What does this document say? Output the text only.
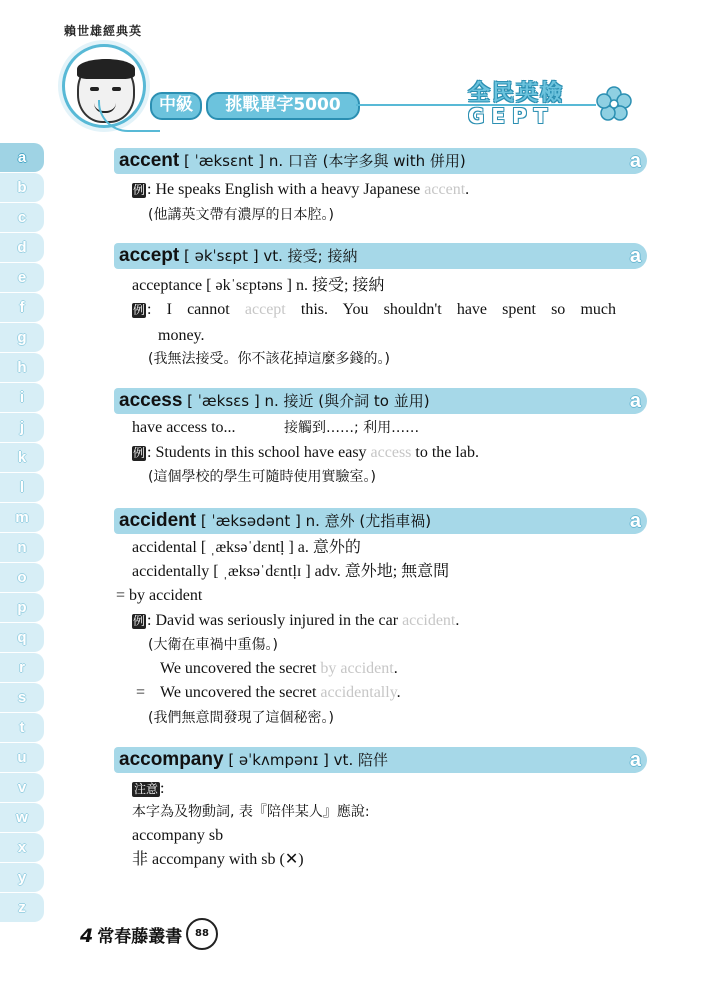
賴世雄經典英
中級	挑戰單字5000	全民英檢
GEPT
a
b
c
d
e
f
g
h
i
j
k
l
m
n
o
p
q
r
s
t
u
v
w
x
y
z
accent [ ˈæksɛnt ] n. 口音 (本字多與 with 併用)	a
例 : He speaks English with a heavy Japanese accent.
(他講英文帶有濃厚的日本腔。)
accept [ əkˈsɛpt ] vt. 接受; 接納	a
acceptance [ əkˈsɛptəns ] n. 接受; 接納
例 : I cannot accept this. You shouldn't have spent so much
money.
(我無法接受。你不該花掉這麼多錢的。)
access [ ˈæksɛs ] n. 接近 (與介詞 to 並用)	a
have access to...	接觸到……; 利用……
例 : Students in this school have easy access to the lab.
(這個學校的學生可隨時使用實驗室。)
accident [ ˈæksədənt ] n. 意外 (尤指車禍)	a
accidental [ ˌæksəˈdɛntḷ ] a. 意外的
accidentally [ ˌæksəˈdɛntḷɪ ] adv. 意外地; 無意間
= by accident
例 : David was seriously injured in the car accident.
(大衛在車禍中重傷。)
We uncovered the secret by accident.
= We uncovered the secret accidentally.
(我們無意間發現了這個秘密。)
accompany [ əˈkʌmpənɪ ] vt. 陪伴	a
注意 :
本字為及物動詞, 表『陪伴某人』應說:
accompany sb
非 accompany with sb (✕)
4 常春藤叢書	88
